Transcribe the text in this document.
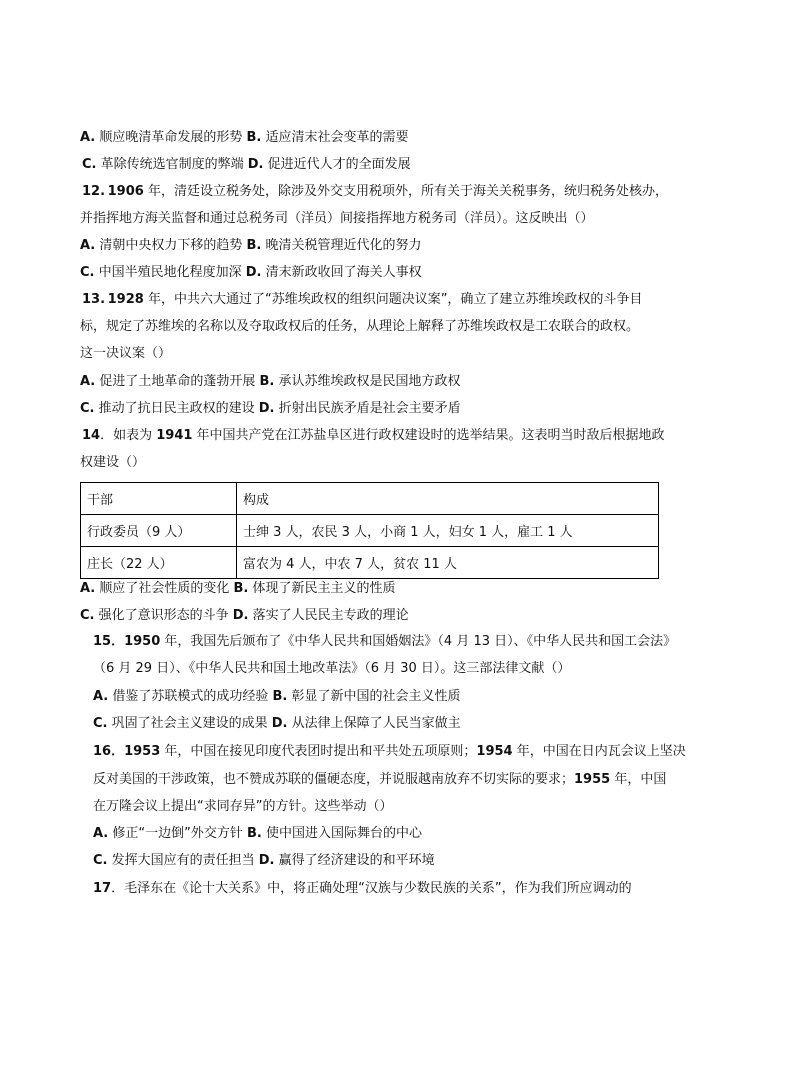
A. 顺应晚清革命发展的形势 B. 适应清末社会变革的需要
C. 革除传统选官制度的弊端 D. 促进近代人才的全面发展
12.  1906 年，清廷设立税务处，除涉及外交支用税项外，所有关于海关关税事务，统归税务处核办，
并指挥地方海关监督和通过总税务司（洋员）间接指挥地方税务司（洋员）。这反映出（）
A. 清朝中央权力下移的趋势 B. 晚清关税管理近代化的努力
C. 中国半殖民地化程度加深 D. 清末新政收回了海关人事权
13.  1928 年，中共六大通过了“苏维埃政权的组织问题决议案”，确立了建立苏维埃政权的斗争目
标，规定了苏维埃的名称以及夺取政权后的任务，从理论上解释了苏维埃政权是工农联合的政权。
这一决议案（）
A. 促进了土地革命的蓬勃开展 B. 承认苏维埃政权是民国地方政权
C. 推动了抗日民主政权的建设 D. 折射出民族矛盾是社会主要矛盾
14．如表为 1941 年中国共产党在江苏盐阜区进行政权建设时的选举结果。这表明当时敌后根据地政
权建设（）
干部	构成
行政委员（9 人）	士绅 3 人，农民 3 人，小商 1 人，妇女 1 人，雇工 1 人
庄长（22 人）	富农为 4 人，中农 7 人，贫农 11 人
A. 顺应了社会性质的变化 B. 体现了新民主主义的性质
C. 强化了意识形态的斗争 D. 落实了人民民主专政的理论
15．1950 年，我国先后颁布了《中华人民共和国婚姻法》（4 月 13 日）、《中华人民共和国工会法》
（6 月 29 日）、《中华人民共和国土地改革法》（6 月 30 日）。这三部法律文献（）
A. 借鉴了苏联模式的成功经验 B. 彰显了新中国的社会主义性质
C. 巩固了社会主义建设的成果 D. 从法律上保障了人民当家做主
16．1953 年，中国在接见印度代表团时提出和平共处五项原则；1954 年，中国在日内瓦会议上坚决
反对美国的干涉政策，也不赞成苏联的僵硬态度，并说服越南放弃不切实际的要求；1955 年，中国
在万隆会议上提出“求同存异”的方针。这些举动（）
A. 修正“一边倒”外交方针 B. 使中国进入国际舞台的中心
C. 发挥大国应有的责任担当 D. 赢得了经济建设的和平环境
17．毛泽东在《论十大关系》中，将正确处理“汉族与少数民族的关系”，作为我们所应调动的
